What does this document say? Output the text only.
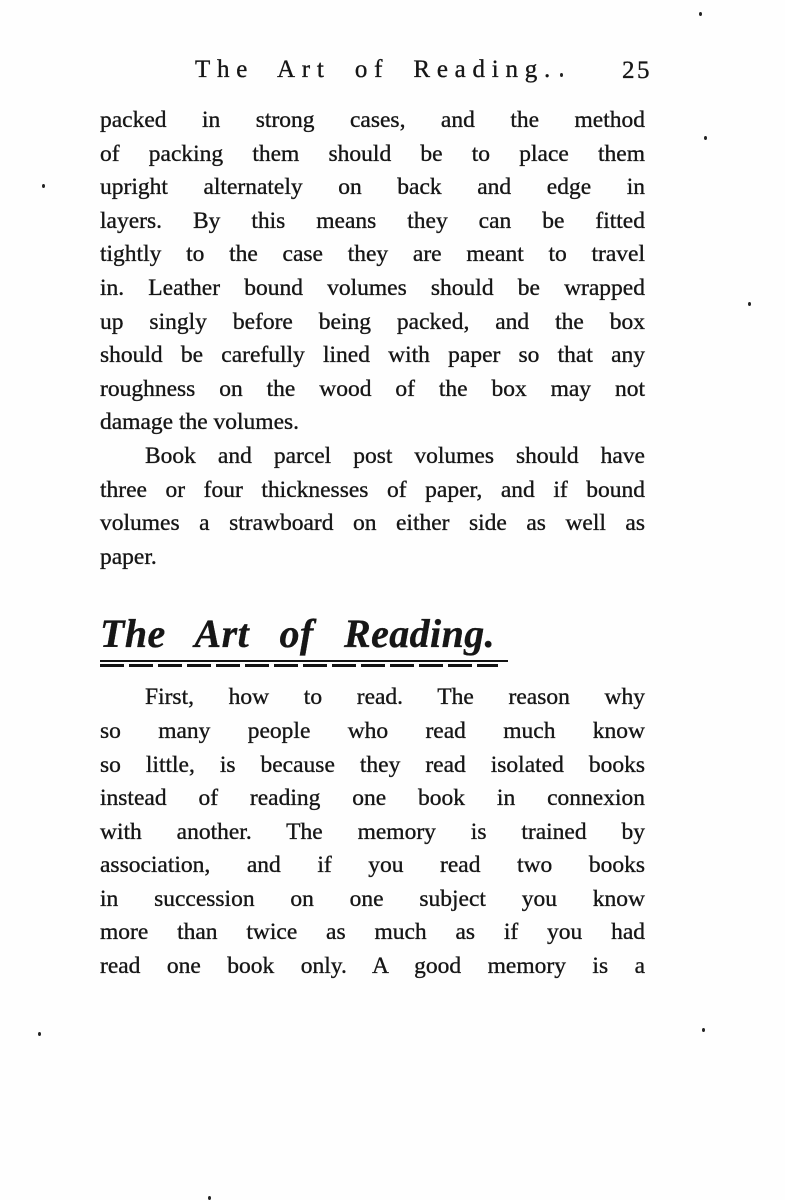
The Art of Reading.	25
packed in strong cases, and the method
of packing them should be to place them
upright alternately on back and edge in
layers. By this means they can be fitted
tightly to the case they are meant to travel
in. Leather bound volumes should be wrapped
up singly before being packed, and the box
should be carefully lined with paper so that any
roughness on the wood of the box may not
damage the volumes.
Book and parcel post volumes should have
three or four thicknesses of paper, and if bound
volumes a strawboard on either side as well as
paper.
The Art of Reading.
First, how to read. The reason why
so many people who read much know
so little, is because they read isolated books
instead of reading one book in connexion
with another. The memory is trained by
association, and if you read two books
in succession on one subject you know
more than twice as much as if you had
read one book only. A good memory is a
